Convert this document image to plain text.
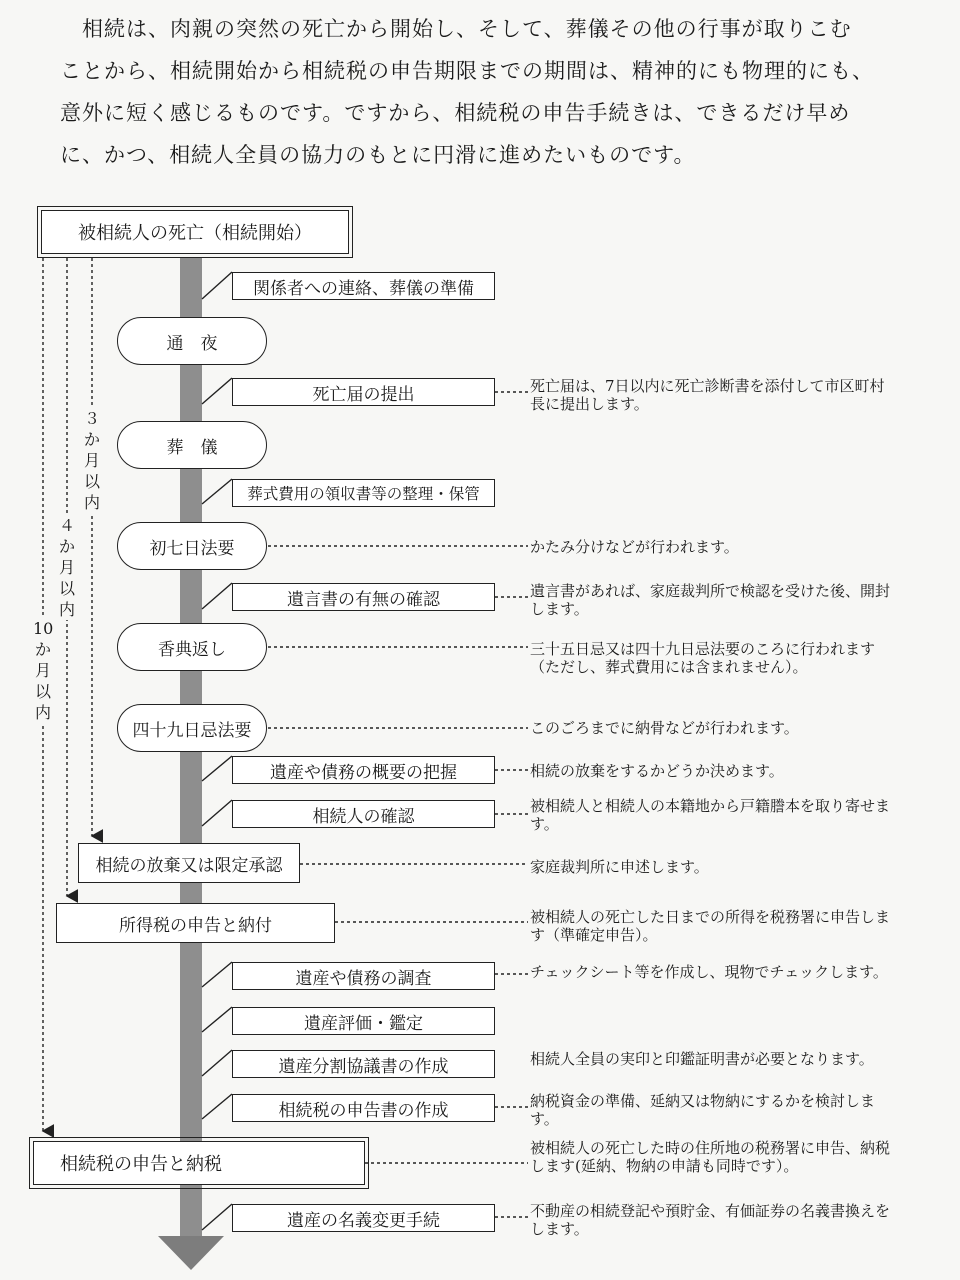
相続は、肉親の突然の死亡から開始し、そして、葬儀その他の行事が取りこむ
ことから、相続開始から相続税の申告期限までの期間は、精神的にも物理的にも、
意外に短く感じるものです。ですから、相続税の申告手続きは、できるだけ早め
に、かつ、相続人全員の協力のもとに円滑に進めたいものです。
３か月以内
４か月以内
10か月以内
被相続人の死亡（相続開始）
関係者への連絡、葬儀の準備
通　夜
死亡届の提出
葬　儀
葬式費用の領収書等の整理・保管
初七日法要
遺言書の有無の確認
香典返し
四十九日忌法要
遺産や債務の概要の把握
相続人の確認
相続の放棄又は限定承認
所得税の申告と納付
遺産や債務の調査
遺産評価・鑑定
遺産分割協議書の作成
相続税の申告書の作成
相続税の申告と納税
遺産の名義変更手続
死亡届は、7日以内に死亡診断書を添付して市区町村長に提出します。
かたみ分けなどが行われます。
遺言書があれば、家庭裁判所で検認を受けた後、開封します。
三十五日忌又は四十九日忌法要のころに行われます（ただし、葬式費用には含まれません）。
このごろまでに納骨などが行われます。
相続の放棄をするかどうか決めます。
被相続人と相続人の本籍地から戸籍謄本を取り寄せます。
家庭裁判所に申述します。
被相続人の死亡した日までの所得を税務署に申告します（準確定申告）。
チェックシート等を作成し、現物でチェックします。
相続人全員の実印と印鑑証明書が必要となります。
納税資金の準備、延納又は物納にするかを検討します。
被相続人の死亡した時の住所地の税務署に申告、納税します(延納、物納の申請も同時です）。
不動産の相続登記や預貯金、有価証券の名義書換えをします。
